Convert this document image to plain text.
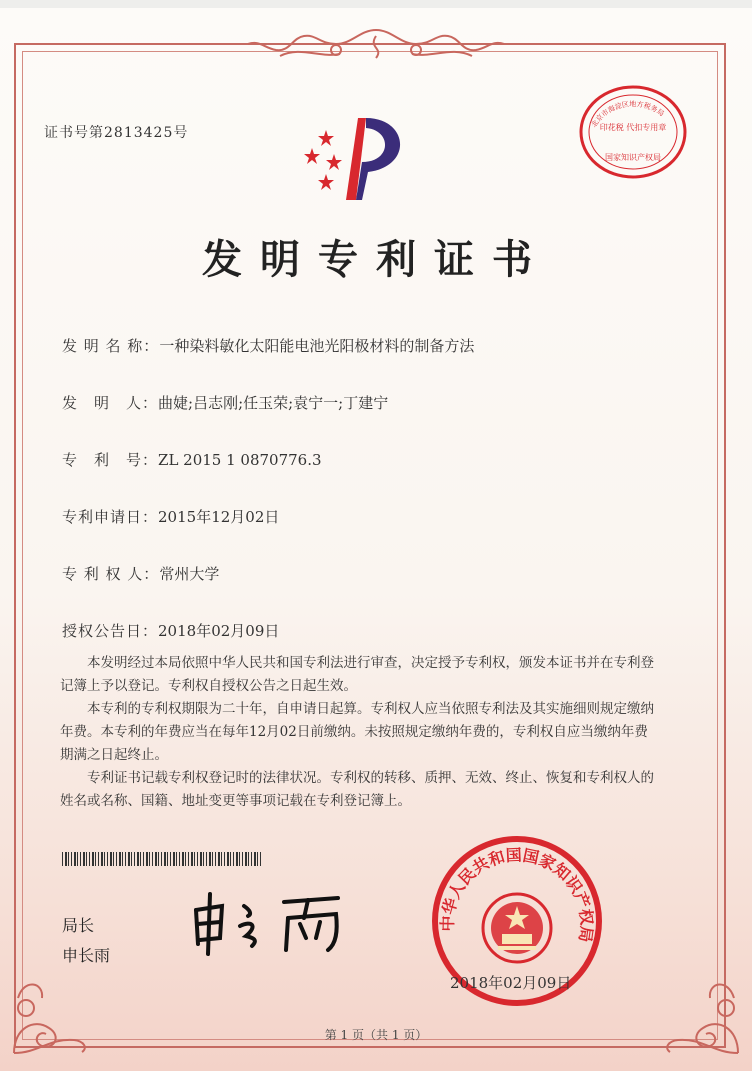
证书号第2813425号
北京市海淀区地方税务局
印花税 代扣专用章
国家知识产权局
发明专利证书
发 明 名 称：一种染料敏化太阳能电池光阳极材料的制备方法
发　明　人：曲婕;吕志刚;任玉荣;袁宁一;丁建宁
专　利　号：ZL 2015 1 0870776.3
专利申请日：2015年12月02日
专 利 权 人：常州大学
授权公告日：2018年02月09日

本发明经过本局依照中华人民共和国专利法进行审查，决定授予专利权，颁发本证书并在专利登记簿上予以登记。专利权自授权公告之日起生效。

本专利的专利权期限为二十年，自申请日起算。专利权人应当依照专利法及其实施细则规定缴纳年费。本专利的年费应当在每年12月02日前缴纳。未按照规定缴纳年费的，专利权自应当缴纳年费期满之日起终止。

专利证书记载专利权登记时的法律状况。专利权的转移、质押、无效、终止、恢复和专利权人的姓名或名称、国籍、地址变更等事项记载在专利登记簿上。

局长
申长雨
中华人民共和国国家知识产权局
2018年02月09日
第 1 页（共 1 页）
